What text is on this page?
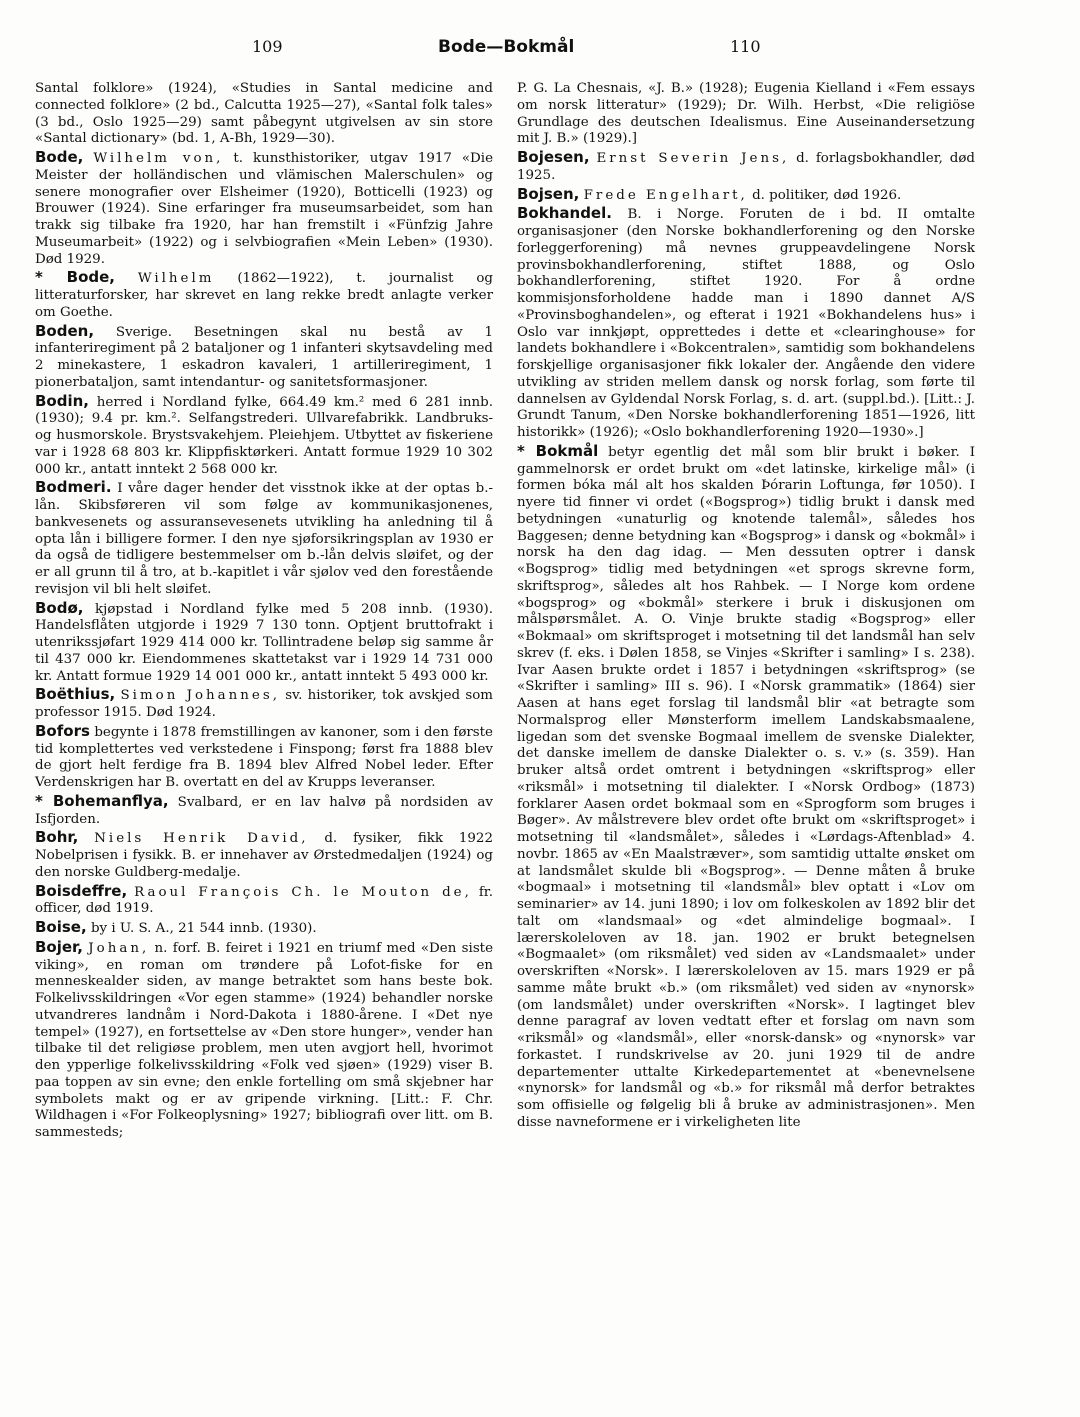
109	Bode—Bokmål	110

Santal folklore» (1924), «Studies in Santal medicine and connected folklore» (2 bd., Calcutta 1925—27), «Santal folk tales» (3 bd., Oslo 1925—29) samt påbegynt utgivelsen av sin store «Santal dictionary» (bd. 1, A-Bh, 1929—30).

Bode, Wilhelm von, t. kunsthistoriker, utgav 1917 «Die Meister der holländischen und vlämischen Malerschulen» og senere monografier over Elsheimer (1920), Botticelli (1923) og Brouwer (1924). Sine erfaringer fra museumsarbeidet, som han trakk sig tilbake fra 1920, har han fremstilt i «Fünfzig Jahre Museumarbeit» (1922) og i selvbiografien «Mein Leben» (1930). Død 1929.

* Bode, Wilhelm (1862—1922), t. journalist og litteraturforsker, har skrevet en lang rekke bredt anlagte verker om Goethe.

Boden, Sverige. Besetningen skal nu bestå av 1 infanteriregiment på 2 bataljoner og 1 infanteri skytsavdeling med 2 minekastere, 1 eskadron kavaleri, 1 artilleriregiment, 1 pionerbataljon, samt intendantur- og sanitetsformasjoner.

Bodin, herred i Nordland fylke, 664.49 km.² med 6 281 innb. (1930); 9.4 pr. km.². Selfangstrederi. Ullvarefabrikk. Landbruks- og husmorskole. Brystsvakehjem. Pleiehjem. Utbyttet av fiskeriene var i 1928 68 803 kr. Klippfisktørkeri. Antatt formue 1929 10 302 000 kr., antatt inntekt 2 568 000 kr.

Bodmeri. I våre dager hender det visstnok ikke at der optas b.-lån. Skibsføreren vil som følge av kommunikasjonenes, bankvesenets og assuransevesenets utvikling ha anledning til å opta lån i billigere former. I den nye sjøforsikringsplan av 1930 er da også de tidligere bestemmelser om b.-lån delvis sløifet, og der er all grunn til å tro, at b.-kapitlet i vår sjølov ved den forestående revisjon vil bli helt sløifet.

Bodø, kjøpstad i Nordland fylke med 5 208 innb. (1930). Handelsflåten utgjorde i 1929 7 130 tonn. Optjent bruttofrakt i utenrikssjøfart 1929 414 000 kr. Tollintradene beløp sig samme år til 437 000 kr. Eiendommenes skattetakst var i 1929 14 731 000 kr. Antatt formue 1929 14 001 000 kr., antatt inntekt 5 493 000 kr.

Boëthius, Simon Johannes, sv. historiker, tok avskjed som professor 1915. Død 1924.

Bofors begynte i 1878 fremstillingen av kanoner, som i den første tid komplettertes ved verkstedene i Finspong; først fra 1888 blev de gjort helt ferdige fra B. 1894 blev Alfred Nobel leder. Efter Verdenskrigen har B. overtatt en del av Krupps leveranser.

* Bohemanflya, Svalbard, er en lav halvø på nordsiden av Isfjorden.

Bohr, Niels Henrik David, d. fysiker, fikk 1922 Nobelprisen i fysikk. B. er innehaver av Ørstedmedaljen (1924) og den norske Guldberg-medalje.

Boisdeffre, Raoul François Ch. le Mouton de, fr. officer, død 1919.

Boise, by i U. S. A., 21 544 innb. (1930).

Bojer, Johan, n. forf. B. feiret i 1921 en triumf med «Den siste viking», en roman om trøndere på Lofot-fiske for en menneskealder siden, av mange betraktet som hans beste bok. Folkelivsskildringen «Vor egen stamme» (1924) behandler norske utvandreres landnåm i Nord-Dakota i 1880-årene. I «Det nye tempel» (1927), en fortsettelse av «Den store hunger», vender han tilbake til det religiøse problem, men uten avgjort hell, hvorimot den ypperlige folkelivsskildring «Folk ved sjøen» (1929) viser B. paa toppen av sin evne; den enkle fortelling om små skjebner har symbolets makt og er av gripende virkning. [Litt.: F. Chr. Wildhagen i «For Folkeoplysning» 1927; bibliografi over litt. om B. sammesteds;

P. G. La Chesnais, «J. B.» (1928); Eugenia Kielland i «Fem essays om norsk litteratur» (1929); Dr. Wilh. Herbst, «Die religiöse Grundlage des deutschen Idealismus. Eine Auseinandersetzung mit J. B.» (1929).]

Bojesen, Ernst Severin Jens, d. forlagsbokhandler, død 1925.

Bojsen, Frede Engelhart, d. politiker, død 1926.

Bokhandel. B. i Norge. Foruten de i bd. II omtalte organisasjoner (den Norske bokhandlerforening og den Norske forleggerforening) må nevnes gruppeavdelingene Norsk provinsbokhandlerforening, stiftet 1888, og Oslo bokhandlerforening, stiftet 1920. For å ordne kommisjonsforholdene hadde man i 1890 dannet A/S «Provinsboghandelen», og efterat i 1921 «Bokhandelens hus» i Oslo var innkjøpt, opprettedes i dette et «clearinghouse» for landets bokhandlere i «Bokcentralen», samtidig som bokhandelens forskjellige organisasjoner fikk lokaler der. Angående den videre utvikling av striden mellem dansk og norsk forlag, som førte til dannelsen av Gyldendal Norsk Forlag, s. d. art. (suppl.bd.). [Litt.: J. Grundt Tanum, «Den Norske bokhandlerforening 1851—1926, litt historikk» (1926); «Oslo bokhandlerforening 1920—1930».]

* Bokmål betyr egentlig det mål som blir brukt i bøker. I gammelnorsk er ordet brukt om «det latinske, kirkelige mål» (i formen bóka mál alt hos skalden Þórarin Loftunga, før 1050). I nyere tid finner vi ordet («Bogsprog») tidlig brukt i dansk med betydningen «unaturlig og knotende talemål», således hos Baggesen; denne betydning kan «Bogsprog» i dansk og «bokmål» i norsk ha den dag idag. — Men dessuten optrer i dansk «Bogsprog» tidlig med betydningen «et sprogs skrevne form, skriftsprog», således alt hos Rahbek. — I Norge kom ordene «bogsprog» og «bokmål» sterkere i bruk i diskusjonen om målspørsmålet. A. O. Vinje brukte stadig «Bogsprog» eller «Bokmaal» om skriftsproget i motsetning til det landsmål han selv skrev (f. eks. i Dølen 1858, se Vinjes «Skrifter i samling» I s. 238). Ivar Aasen brukte ordet i 1857 i betydningen «skriftsprog» (se «Skrifter i samling» III s. 96). I «Norsk grammatik» (1864) sier Aasen at hans eget forslag til landsmål blir «at betragte som Normalsprog eller Mønsterform imellem Landskabsmaalene, ligedan som det svenske Bogmaal imellem de svenske Dialekter, det danske imellem de danske Dialekter o. s. v.» (s. 359). Han bruker altså ordet omtrent i betydningen «skriftsprog» eller «riksmål» i motsetning til dialekter. I «Norsk Ordbog» (1873) forklarer Aasen ordet bokmaal som en «Sprogform som bruges i Bøger». Av målstrevere blev ordet ofte brukt om «skriftsproget» i motsetning til «landsmålet», således i «Lørdags-Aftenblad» 4. novbr. 1865 av «En Maalstræver», som samtidig uttalte ønsket om at landsmålet skulde bli «Bogsprog». — Denne måten å bruke «bogmaal» i motsetning til «landsmål» blev optatt i «Lov om seminarier» av 14. juni 1890; i lov om folkeskolen av 1892 blir det talt om «landsmaal» og «det almindelige bogmaal». I lærerskoleloven av 18. jan. 1902 er brukt betegnelsen «Bogmaalet» (om riksmålet) ved siden av «Landsmaalet» under overskriften «Norsk». I lærerskoleloven av 15. mars 1929 er på samme måte brukt «b.» (om riksmålet) ved siden av «nynorsk» (om landsmålet) under overskriften «Norsk». I lagtinget blev denne paragraf av loven vedtatt efter et forslag om navn som «riksmål» og «landsmål», eller «norsk-dansk» og «nynorsk» var forkastet. I rundskrivelse av 20. juni 1929 til de andre departementer uttalte Kirkedepartementet at «benevnelsene «nynorsk» for landsmål og «b.» for riksmål må derfor betraktes som offisielle og følgelig bli å bruke av administrasjonen». Men disse navneformene er i virkeligheten lite
